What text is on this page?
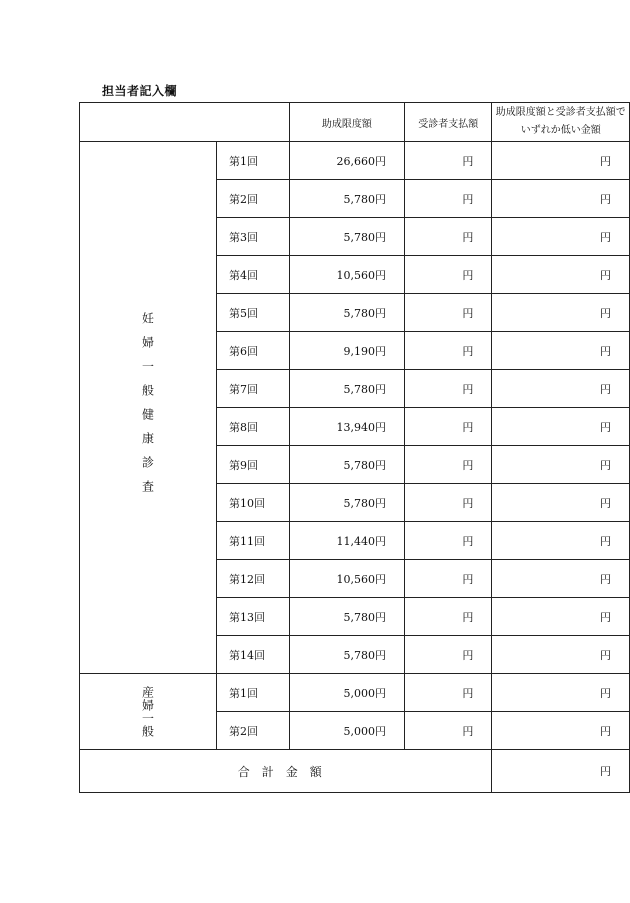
担当者記入欄
		助成限度額	受診者支払額	助成限度額と受診者支払額で
いずれか低い金額

妊婦一般健康診査	第1回	26,660円	円	円
	第2回	5,780円	円	円
	第3回	5,780円	円	円
	第4回	10,560円	円	円
	第5回	5,780円	円	円
	第6回	9,190円	円	円
	第7回	5,780円	円	円
	第8回	13,940円	円	円
	第9回	5,780円	円	円
	第10回	5,780円	円	円
	第11回	11,440円	円	円
	第12回	10,560円	円	円
	第13回	5,780円	円	円
	第14回	5,780円	円	円

産婦一般	第1回	5,000円	円	円
	第2回	5,000円	円	円
合計金額				円
